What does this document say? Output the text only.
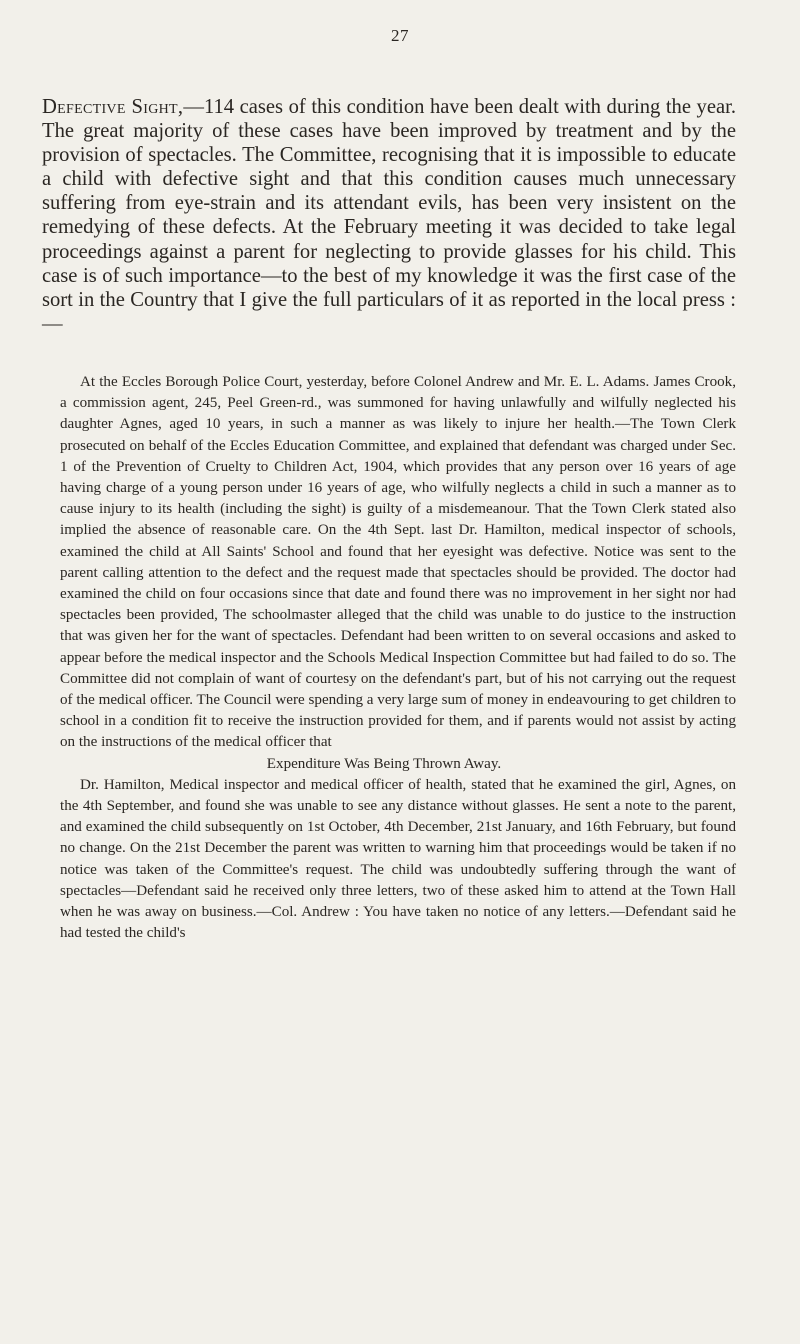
27

Defective Sight,—114 cases of this condition have been dealt with during the year. The great majority of these cases have been improved by treatment and by the provision of spectacles. The Committee, recognising that it is impossible to educate a child with defective sight and that this condition causes much unnecessary suffering from eye-strain and its attendant evils, has been very insistent on the remedying of these defects. At the February meeting it was decided to take legal proceedings against a parent for neglecting to provide glasses for his child. This case is of such importance—to the best of my knowledge it was the first case of the sort in the Country that I give the full particulars of it as reported in the local press :—

At the Eccles Borough Police Court, yesterday, before Colonel Andrew and Mr. E. L. Adams. James Crook, a commission agent, 245, Peel Green-rd., was summoned for having unlawfully and wilfully neglected his daughter Agnes, aged 10 years, in such a manner as was likely to injure her health.—The Town Clerk prosecuted on behalf of the Eccles Education Committee, and explained that defendant was charged under Sec. 1 of the Prevention of Cruelty to Children Act, 1904, which provides that any person over 16 years of age having charge of a young person under 16 years of age, who wilfully neglects a child in such a manner as to cause injury to its health (including the sight) is guilty of a misdemeanour. That the Town Clerk stated also implied the absence of reasonable care. On the 4th Sept. last Dr. Hamilton, medical inspector of schools, examined the child at All Saints' School and found that her eyesight was defective. Notice was sent to the parent calling attention to the defect and the request made that spectacles should be provided. The doctor had examined the child on four occasions since that date and found there was no improvement in her sight nor had spectacles been provided, The schoolmaster alleged that the child was unable to do justice to the instruction that was given her for the want of spectacles. Defendant had been written to on several occasions and asked to appear before the medical inspector and the Schools Medical Inspection Committee but had failed to do so. The Committee did not complain of want of courtesy on the defendant's part, but of his not carrying out the request of the medical officer. The Council were spending a very large sum of money in endeavouring to get children to school in a condition fit to receive the instruction provided for them, and if parents would not assist by acting on the instructions of the medical officer that

Expenditure Was Being Thrown Away.

Dr. Hamilton, Medical inspector and medical officer of health, stated that he examined the girl, Agnes, on the 4th September, and found she was unable to see any distance without glasses. He sent a note to the parent, and examined the child subsequently on 1st October, 4th December, 21st January, and 16th February, but found no change. On the 21st December the parent was written to warning him that proceedings would be taken if no notice was taken of the Committee's request. The child was undoubtedly suffering through the want of spectacles—Defendant said he received only three letters, two of these asked him to attend at the Town Hall when he was away on business.—Col. Andrew : You have taken no notice of any letters.—Defendant said he had tested the child's
